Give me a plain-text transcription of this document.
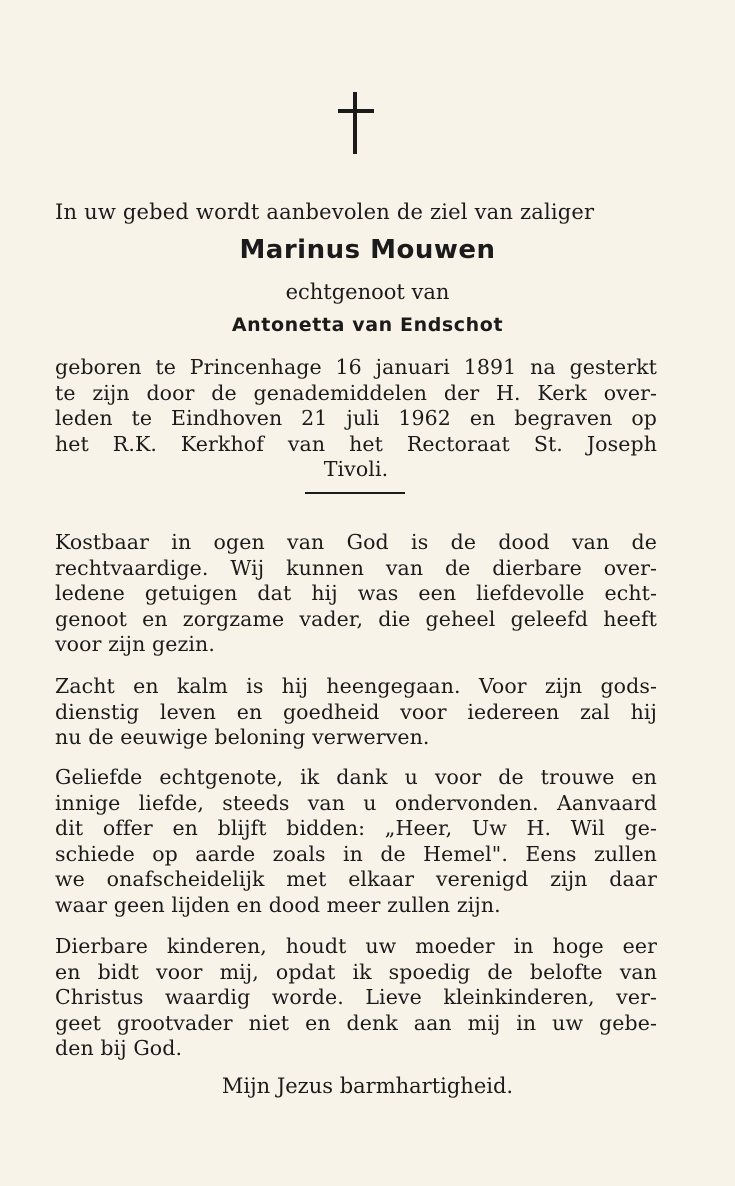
In uw gebed wordt aanbevolen de ziel van zaliger
Marinus Mouwen
echtgenoot van
Antonetta van Endschot
geboren te Princenhage 16 januari 1891 na gesterkt
te zijn door de genademiddelen der H. Kerk over-
leden te Eindhoven 21 juli 1962 en begraven op
het R.K. Kerkhof van het Rectoraat St. Joseph
Tivoli.
Kostbaar in ogen van God is de dood van de
rechtvaardige. Wij kunnen van de dierbare over-
ledene getuigen dat hij was een liefdevolle echt-
genoot en zorgzame vader, die geheel geleefd heeft
voor zijn gezin.
Zacht en kalm is hij heengegaan. Voor zijn gods-
dienstig leven en goedheid voor iedereen zal hij
nu de eeuwige beloning verwerven.
Geliefde echtgenote, ik dank u voor de trouwe en
innige liefde, steeds van u ondervonden. Aanvaard
dit offer en blijft bidden: „Heer, Uw H. Wil ge-
schiede op aarde zoals in de Hemel". Eens zullen
we onafscheidelijk met elkaar verenigd zijn daar
waar geen lijden en dood meer zullen zijn.
Dierbare kinderen, houdt uw moeder in hoge eer
en bidt voor mij, opdat ik spoedig de belofte van
Christus waardig worde. Lieve kleinkinderen, ver-
geet grootvader niet en denk aan mij in uw gebe-
den bij God.
Mijn Jezus barmhartigheid.
